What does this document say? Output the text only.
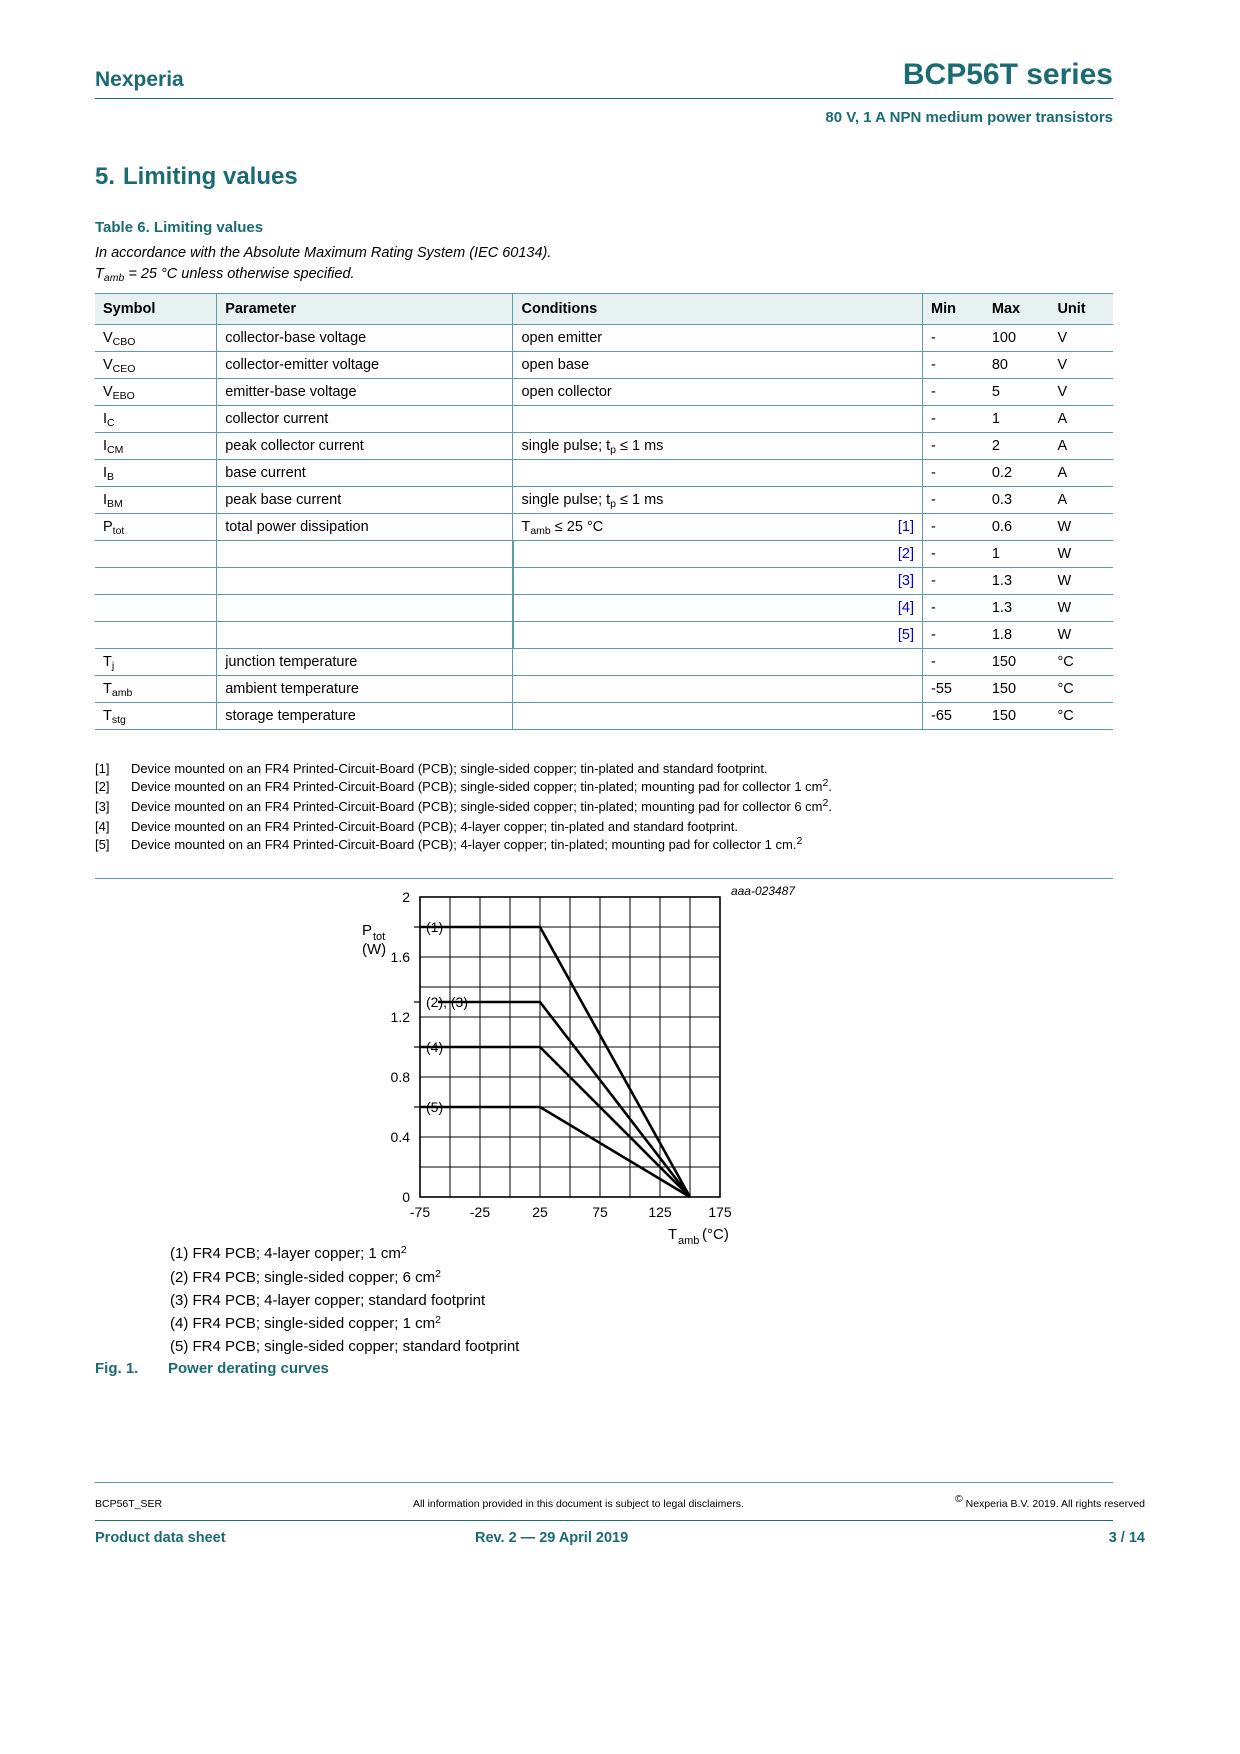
Nexperia	BCP56T series
80 V, 1 A NPN medium power transistors
5. Limiting values
Table 6. Limiting values
In accordance with the Absolute Maximum Rating System (IEC 60134).
$T_{amb} = 25$ °C unless otherwise specified.
Symbol	Parameter	Conditions		Min	Max	Unit
$V_{CBO}$	collector-base voltage	open emitter		-	100	V
$V_{CEO}$	collector-emitter voltage	open base		-	80	V
$V_{EBO}$	emitter-base voltage	open collector		-	5	V
$I_C$	collector current			-	1	A
$I_{CM}$	peak collector current	single pulse; $t_p \le 1$ ms		-	2	A
$I_B$	base current			-	0.2	A
$I_{BM}$	peak base current	single pulse; $t_p \le 1$ ms		-	0.3	A
$P_{tot}$	total power dissipation	$T_{amb} \le 25$ °C	[1]	-	0.6	W

	[2]	-	1	W

	[3]	-	1.3	W

	[4]	-	1.3	W

	[5]	-	1.8	W
$T_j$	junction temperature			-	150	°C
$T_{amb}$	ambient temperature			-55	150	°C
$T_{stg}$	storage temperature			-65	150	°C
[1]	Device mounted on an FR4 Printed-Circuit-Board (PCB); single-sided copper; tin-plated and standard footprint.
[2]	Device mounted on an FR4 Printed-Circuit-Board (PCB); single-sided copper; tin-plated; mounting pad for collector 1 $cm^2$.
[3]	Device mounted on an FR4 Printed-Circuit-Board (PCB); single-sided copper; tin-plated; mounting pad for collector 6 $cm^2$.
[4]	Device mounted on an FR4 Printed-Circuit-Board (PCB); 4-layer copper; tin-plated and standard footprint.
[5]	Device mounted on an FR4 Printed-Circuit-Board (PCB); 4-layer copper; tin-plated; mounting pad for collector 1 cm.$^2$
aaa-023487
0
0.4
0.8
1.2
1.6
2
-75	-25	25	75	125	175
P tot
(W)
T amb (°C)
(1)
(2), (3)
(4)
(5)
(1) FR4 PCB; 4-layer copper; 1 $cm^2$
(2) FR4 PCB; single-sided copper; 6 $cm^2$
(3) FR4 PCB; 4-layer copper; standard footprint
(4) FR4 PCB; single-sided copper; 1 $cm^2$
(5) FR4 PCB; single-sided copper; standard footprint
Fig. 1. Power derating curves
BCP56T_SER	All information provided in this document is subject to legal disclaimers.	© Nexperia B.V. 2019. All rights reserved
Product data sheet	Rev. 2 — 29 April 2019	3 / 14
